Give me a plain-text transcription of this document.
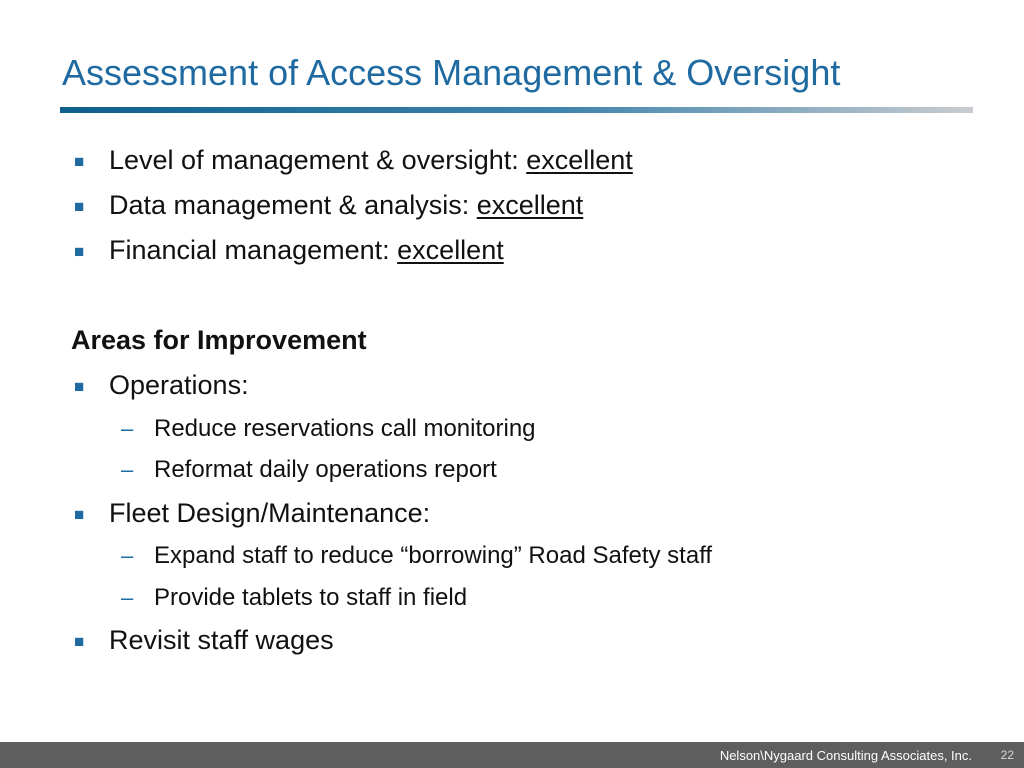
Assessment of Access Management & Oversight
■ Level of management & oversight: excellent
■ Data management & analysis: excellent
■ Financial management: excellent
Areas for Improvement
■ Operations:
– Reduce reservations call monitoring
– Reformat daily operations report
■ Fleet Design/Maintenance:
– Expand staff to reduce “borrowing” Road Safety staff
– Provide tablets to staff in field
■ Revisit staff wages
Nelson\Nygaard Consulting Associates, Inc. 22
